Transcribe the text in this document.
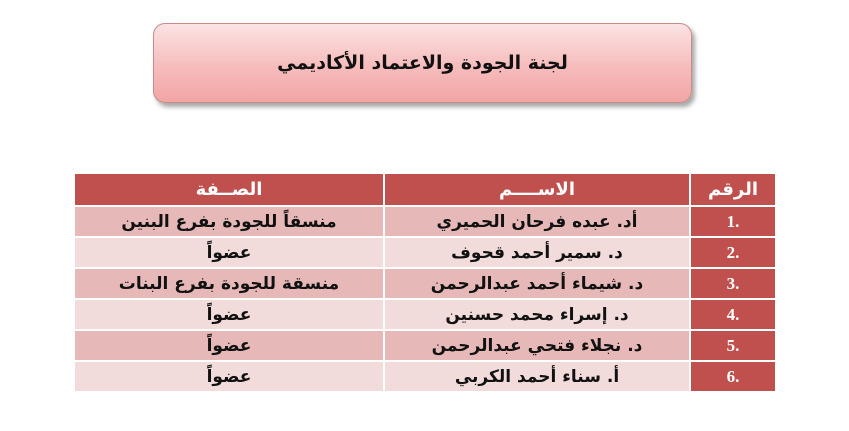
لجنة الجودة والاعتماد الأكاديمي
الرقم	الاســــم	الصــفة
.1	أد. عبده فرحان الحميري	منسقاً للجودة بفرع البنين
.2	د. سمير أحمد قحوف	عضواً
.3	د. شيماء أحمد عبدالرحمن	منسقة للجودة بفرع البنات
.4	د. إسراء محمد حسنين	عضواً
.5	د. نجلاء فتحي عبدالرحمن	عضواً
.6	أ. سناء أحمد الكربي	عضواً
